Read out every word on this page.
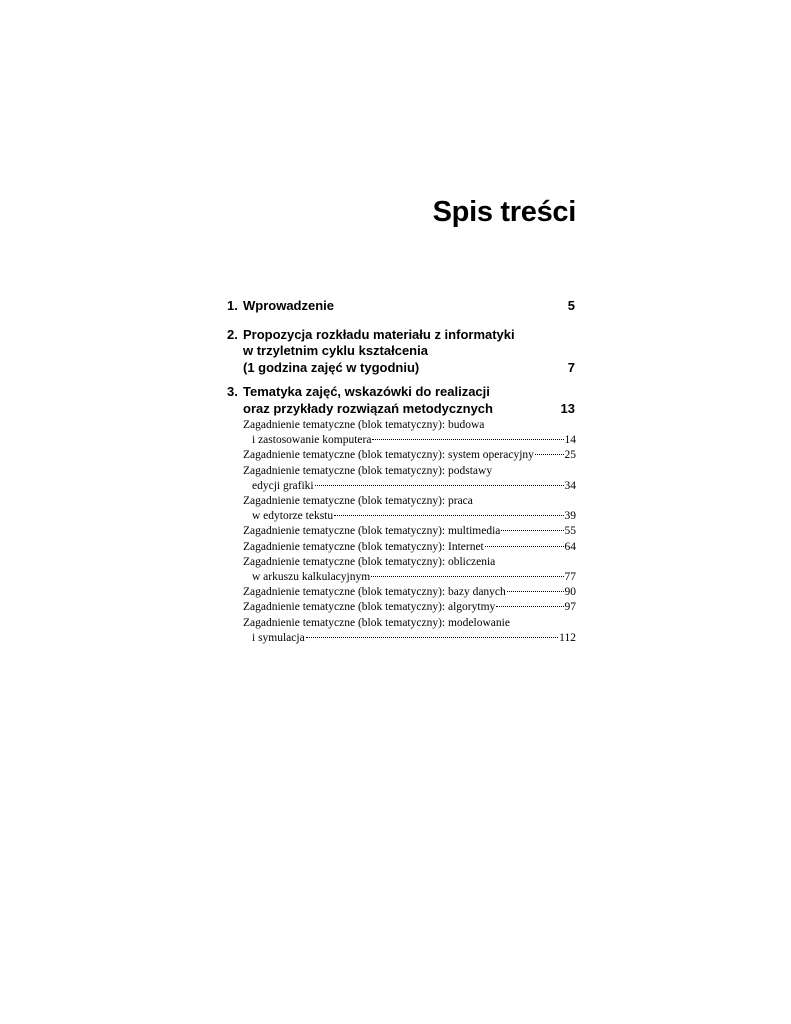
Spis treści
1. Wprowadzenie	5
2. Propozycja rozkładu materiału z informatyki
w trzyletnim cyklu kształcenia
(1 godzina zajęć w tygodniu)	7
3. Tematyka zajęć, wskazówki do realizacji
oraz przykłady rozwiązań metodycznych	13
Zagadnienie tematyczne (blok tematyczny): budowa
i zastosowanie komputera	14
Zagadnienie tematyczne (blok tematyczny): system operacyjny	25
Zagadnienie tematyczne (blok tematyczny): podstawy
edycji grafiki	34
Zagadnienie tematyczne (blok tematyczny): praca
w edytorze tekstu	39
Zagadnienie tematyczne (blok tematyczny): multimedia	55
Zagadnienie tematyczne (blok tematyczny): Internet	64
Zagadnienie tematyczne (blok tematyczny): obliczenia
w arkuszu kalkulacyjnym	77
Zagadnienie tematyczne (blok tematyczny): bazy danych	90
Zagadnienie tematyczne (blok tematyczny): algorytmy	97
Zagadnienie tematyczne (blok tematyczny): modelowanie
i symulacja	112
